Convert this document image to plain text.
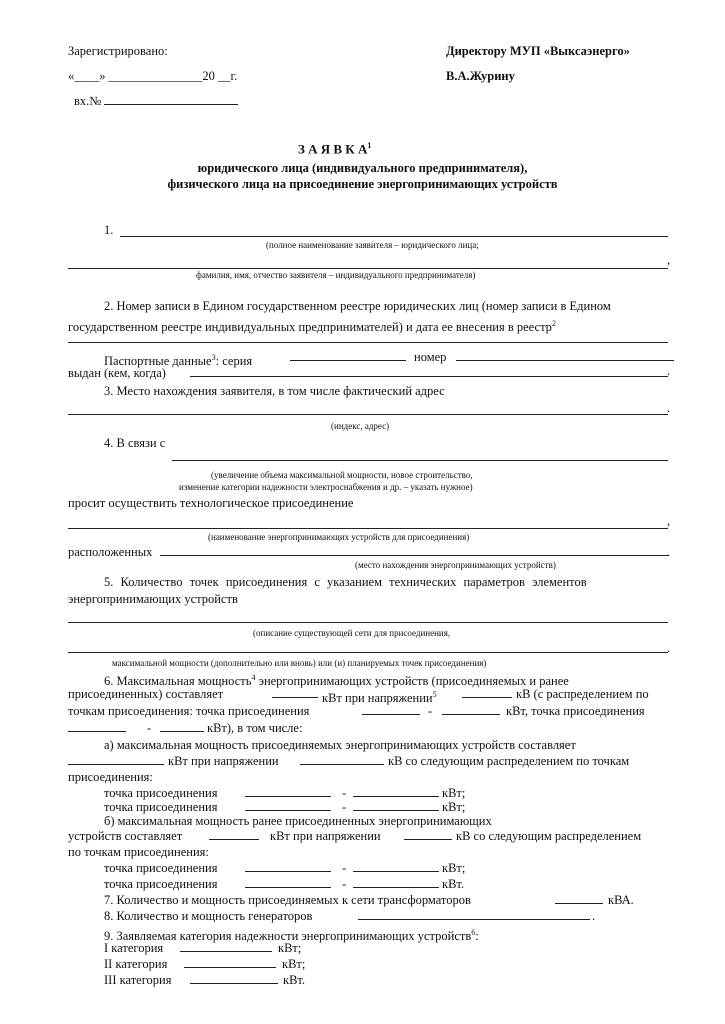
Зарегистрировано:
«____» _______________20 __г.
вх.№
Директору МУП «Выксаэнерго»
В.А.Журину
З А Я В К $А^1$
юридического лица (индивидуального предпринимателя),
физического лица на присоединение энергопринимающих устройств
1.
(полное наименование заявителя – юридического лица;
,
фамилия, имя, отчество заявителя – индивидуального предпринимателя)
2. Номер записи в Едином государственном реестре юридических лиц (номер записи в Едином
государственном реестре индивидуальных предпринимателей) и дата ее внесения в реестр$^2$
Паспортные данные$^3$: серия	номер
выдан (кем, когда)	.
3. Место нахождения заявителя, в том числе фактический адрес
.
(индекс, адрес)
4. В связи с
(увеличение объема максимальной мощности, новое строительство,
изменение категории надежности электроснабжения и др. – указать нужное)
просит осуществить технологическое присоединение
,
(наименование энергопринимающих устройств для присоединения)
расположенных	.
(место нахождения энергопринимающих устройств)
5. Количество точек присоединения с указанием технических параметров элементов
энергопринимающих устройств
(описание существующей сети для присоединения,
.
максимальной мощности (дополнительно или вновь) или (и) планируемых точек присоединения)
6. Максимальная мощность$^4$ энергопринимающих устройств (присоединяемых и ранее
присоединенных) составляет	кВт при напряжении$^5$	кВ (с распределением по
точкам присоединения: точка присоединения	-	кВт, точка присоединения
-	кВт), в том числе:
а) максимальная мощность присоединяемых энергопринимающих устройств составляет
кВт при напряжении	кВ со следующим распределением по точкам
присоединения:
точка присоединения	-	кВт;
точка присоединения	-	кВт;
б) максимальная мощность ранее присоединенных энергопринимающих
устройств составляет	кВт при напряжении	кВ со следующим распределением
по точкам присоединения:
точка присоединения	-	кВт;
точка присоединения	-	кВт.
7. Количество и мощность присоединяемых к сети трансформаторов	кВА.
8. Количество и мощность генераторов	.
9. Заявляемая категория надежности энергопринимающих устройств$^6$:
I категория	кВт;
II категория	кВт;
III категория	кВт.
